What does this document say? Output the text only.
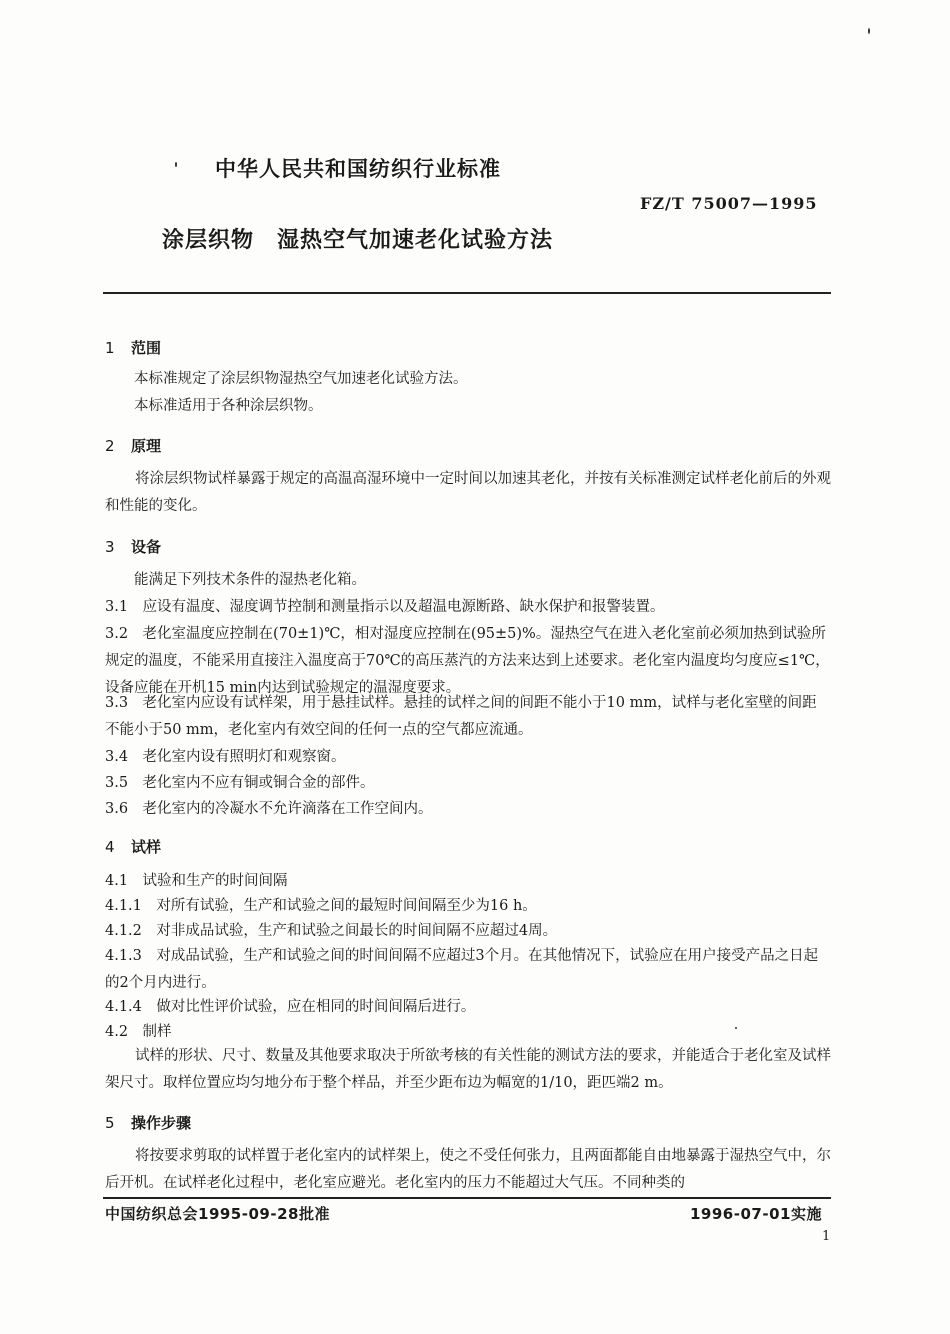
中华人民共和国纺织行业标准
FZ/T 75007—1995
涂层织物　湿热空气加速老化试验方法
1 范围
本标准规定了涂层织物湿热空气加速老化试验方法。
本标准适用于各种涂层织物。
2 原理
将涂层织物试样暴露于规定的高温高湿环境中一定时间以加速其老化，并按有关标准测定试样老化前后的外观和性能的变化。
3 设备
能满足下列技术条件的湿热老化箱。
3.1　应设有温度、湿度调节控制和测量指示以及超温电源断路、缺水保护和报警装置。
3.2　老化室温度应控制在(70±1)℃，相对湿度应控制在(95±5)%。湿热空气在进入老化室前必须加热到试验所规定的温度，不能采用直接注入温度高于70℃的高压蒸汽的方法来达到上述要求。老化室内温度均匀度应≤1℃，设备应能在开机15 min内达到试验规定的温湿度要求。
3.3　老化室内应设有试样架，用于悬挂试样。悬挂的试样之间的间距不能小于10 mm，试样与老化室壁的间距不能小于50 mm，老化室内有效空间的任何一点的空气都应流通。
3.4　老化室内设有照明灯和观察窗。
3.5　老化室内不应有铜或铜合金的部件。
3.6　老化室内的冷凝水不允许滴落在工作空间内。
4 试样
4.1　试验和生产的时间间隔
4.1.1　对所有试验，生产和试验之间的最短时间间隔至少为16 h。
4.1.2　对非成品试验，生产和试验之间最长的时间间隔不应超过4周。
4.1.3　对成品试验，生产和试验之间的时间间隔不应超过3个月。在其他情况下，试验应在用户接受产品之日起的2个月内进行。
4.1.4　做对比性评价试验，应在相同的时间间隔后进行。
4.2　制样
试样的形状、尺寸、数量及其他要求取决于所欲考核的有关性能的测试方法的要求，并能适合于老化室及试样架尺寸。取样位置应均匀地分布于整个样品，并至少距布边为幅宽的1/10，距匹端2 m。
5 操作步骤
将按要求剪取的试样置于老化室内的试样架上，使之不受任何张力，且两面都能自由地暴露于湿热空气中，尔后开机。在试样老化过程中，老化室应避光。老化室内的压力不能超过大气压。不同种类的
中国纺织总会1995-09-28批准	1996-07-01实施
1
